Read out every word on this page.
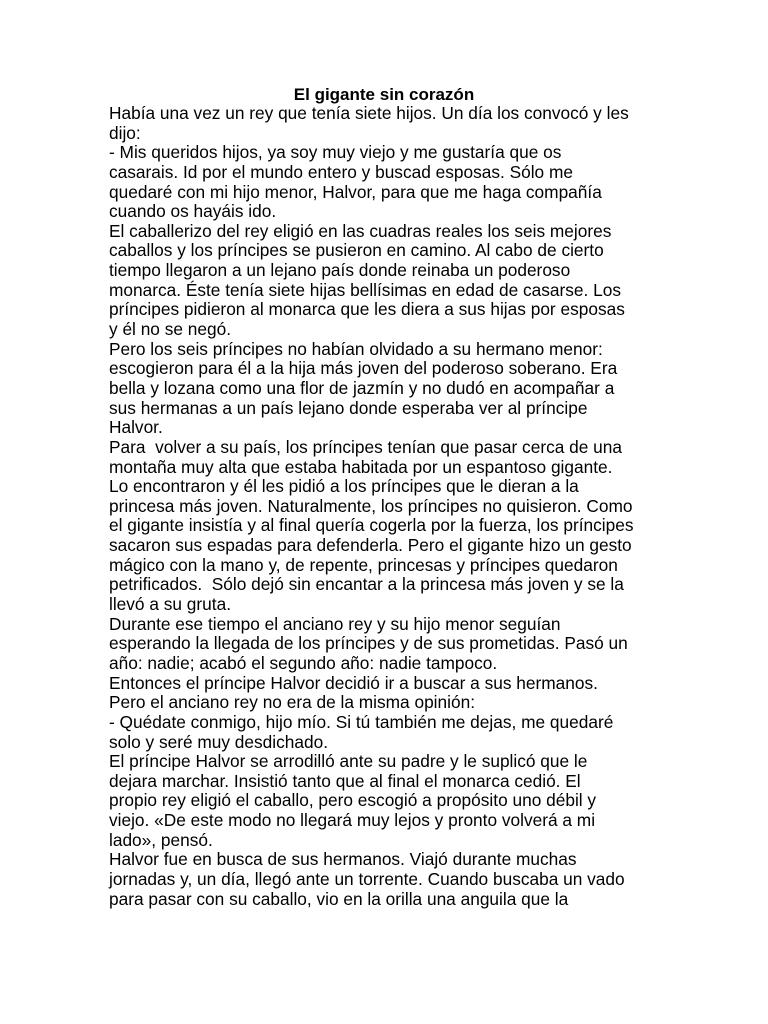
El gigante sin corazón
Había una vez un rey que tenía siete hijos. Un día los convocó y les
dijo:
- Mis queridos hijos, ya soy muy viejo y me gustaría que os
casarais. Id por el mundo entero y buscad esposas. Sólo me
quedaré con mi hijo menor, Halvor, para que me haga compañía
cuando os hayáis ido.
El caballerizo del rey eligió en las cuadras reales los seis mejores
caballos y los príncipes se pusieron en camino. Al cabo de cierto
tiempo llegaron a un lejano país donde reinaba un poderoso
monarca. Éste tenía siete hijas bellísimas en edad de casarse. Los
príncipes pidieron al monarca que les diera a sus hijas por esposas
y él no se negó.
Pero los seis príncipes no habían olvidado a su hermano menor:
escogieron para él a la hija más joven del poderoso soberano. Era
bella y lozana como una flor de jazmín y no dudó en acompañar a
sus hermanas a un país lejano donde esperaba ver al príncipe
Halvor.
Para  volver a su país, los príncipes tenían que pasar cerca de una
montaña muy alta que estaba habitada por un espantoso gigante.
Lo encontraron y él les pidió a los príncipes que le dieran a la
princesa más joven. Naturalmente, los príncipes no quisieron. Como
el gigante insistía y al final quería cogerla por la fuerza, los príncipes
sacaron sus espadas para defenderla. Pero el gigante hizo un gesto
mágico con la mano y, de repente, princesas y príncipes quedaron
petrificados.  Sólo dejó sin encantar a la princesa más joven y se la
llevó a su gruta.
Durante ese tiempo el anciano rey y su hijo menor seguían
esperando la llegada de los príncipes y de sus prometidas. Pasó un
año: nadie; acabó el segundo año: nadie tampoco.
Entonces el príncipe Halvor decidió ir a buscar a sus hermanos.
Pero el anciano rey no era de la misma opinión:
- Quédate conmigo, hijo mío. Si tú también me dejas, me quedaré
solo y seré muy desdichado.
El príncipe Halvor se arrodilló ante su padre y le suplicó que le
dejara marchar. Insistió tanto que al final el monarca cedió. El
propio rey eligió el caballo, pero escogió a propósito uno débil y
viejo. «De este modo no llegará muy lejos y pronto volverá a mi
lado», pensó.
Halvor fue en busca de sus hermanos. Viajó durante muchas
jornadas y, un día, llegó ante un torrente. Cuando buscaba un vado
para pasar con su caballo, vio en la orilla una anguila que la
